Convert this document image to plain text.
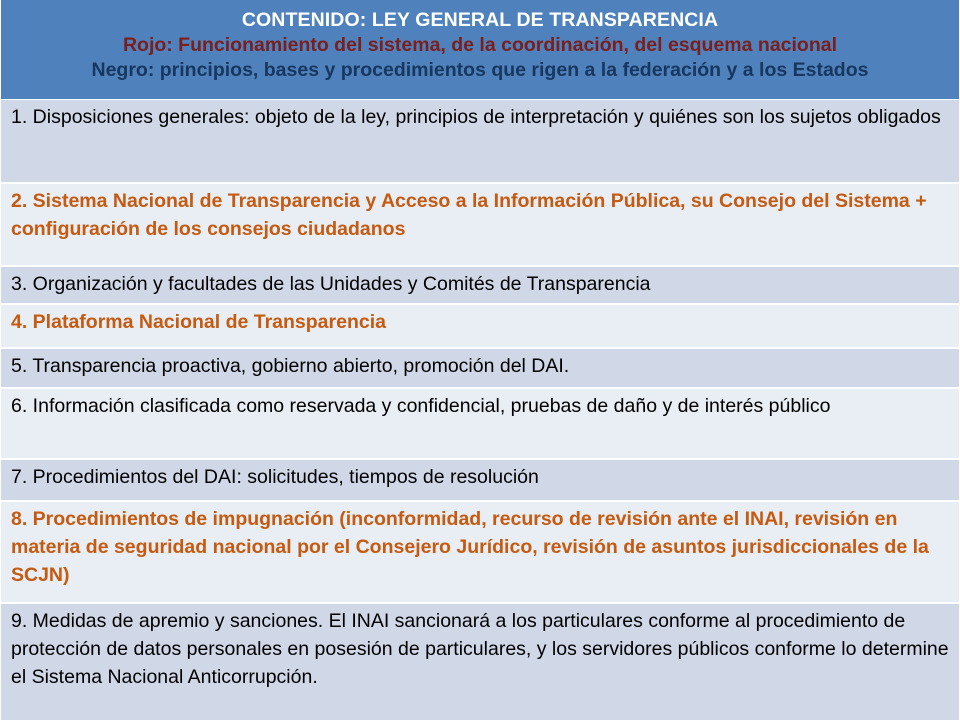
CONTENIDO: LEY GENERAL DE TRANSPARENCIA
Rojo: Funcionamiento del sistema, de la coordinación, del esquema nacional
Negro: principios, bases y procedimientos que rigen a la federación y a los Estados
1. Disposiciones generales: objeto de la ley, principios de interpretación y quiénes son los sujetos obligados
2. Sistema Nacional de Transparencia y Acceso a la Información Pública, su Consejo del Sistema + configuración de los consejos ciudadanos
3. Organización y facultades de las Unidades y Comités de Transparencia
4. Plataforma Nacional de Transparencia
5. Transparencia proactiva, gobierno abierto, promoción del DAI.
6. Información clasificada como reservada y confidencial, pruebas de daño y de interés público
7. Procedimientos del DAI: solicitudes, tiempos de resolución
8. Procedimientos de impugnación (inconformidad, recurso de revisión ante el INAI, revisión en materia de seguridad nacional por el Consejero Jurídico, revisión de asuntos jurisdiccionales de la SCJN)
9. Medidas de apremio y sanciones. El INAI sancionará a los particulares conforme al procedimiento de protección de datos personales en posesión de particulares, y los servidores públicos conforme lo determine el Sistema Nacional Anticorrupción.
